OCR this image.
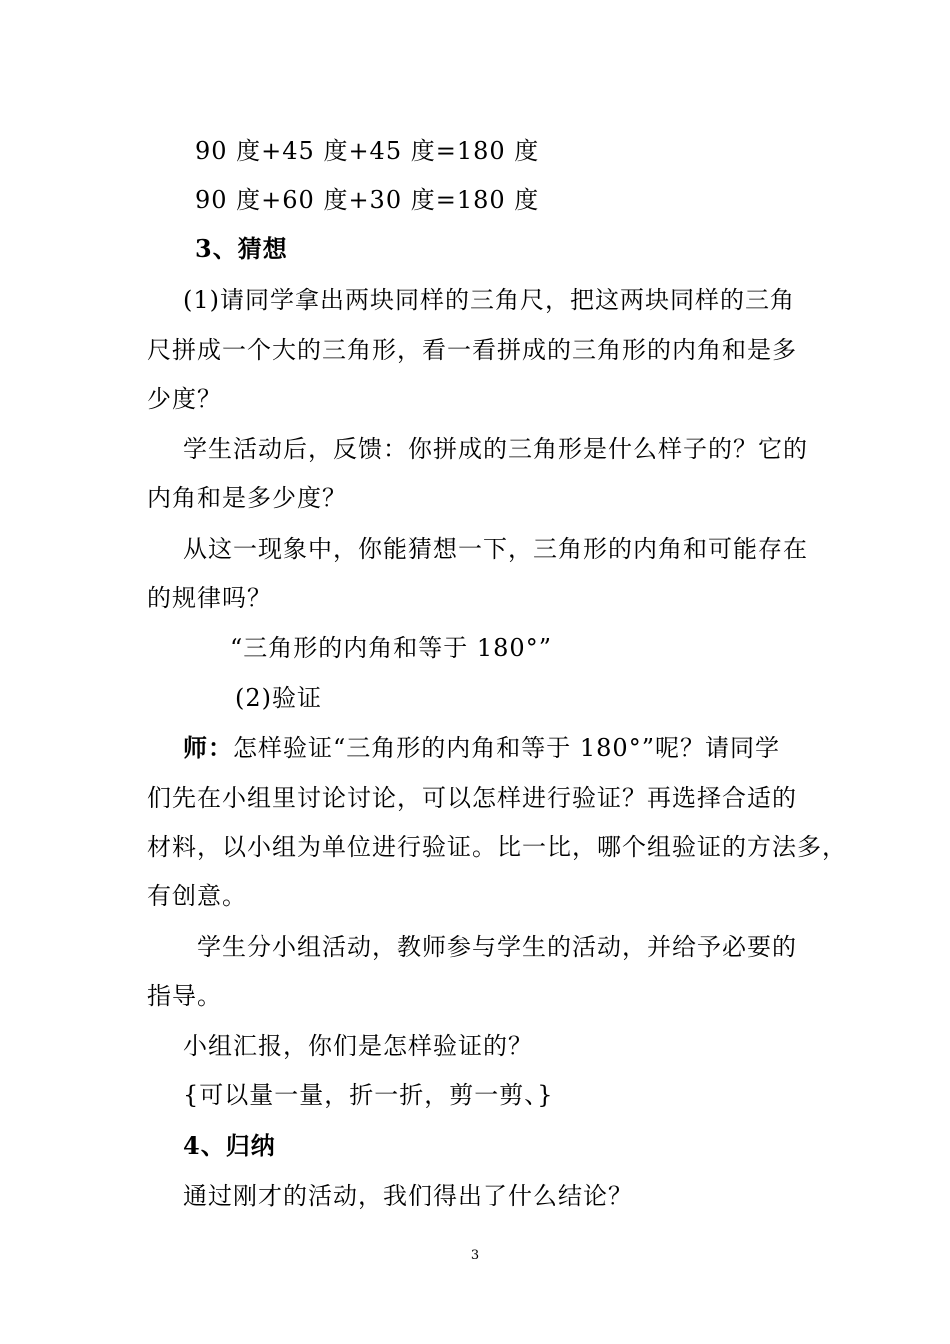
90 度+45 度+45 度=180 度
90 度+60 度+30 度=180 度
3、猜想
(1)请同学拿出两块同样的三角尺，把这两块同样的三角
尺拼成一个大的三角形，看一看拼成的三角形的内角和是多
少度？
学生活动后，反馈：你拼成的三角形是什么样子的？它的
内角和是多少度？
从这一现象中，你能猜想一下，三角形的内角和可能存在
的规律吗？
“三角形的内角和等于 180°”
(2)验证
师：怎样验证“三角形的内角和等于 180°”呢？请同学
们先在小组里讨论讨论，可以怎样进行验证？再选择合适的
材料，以小组为单位进行验证。比一比，哪个组验证的方法多，
有创意。
学生分小组活动，教师参与学生的活动，并给予必要的
指导。
小组汇报，你们是怎样验证的？
{可以量一量，折一折，剪一剪、}
4、归纳
通过刚才的活动，我们得出了什么结论？
3
